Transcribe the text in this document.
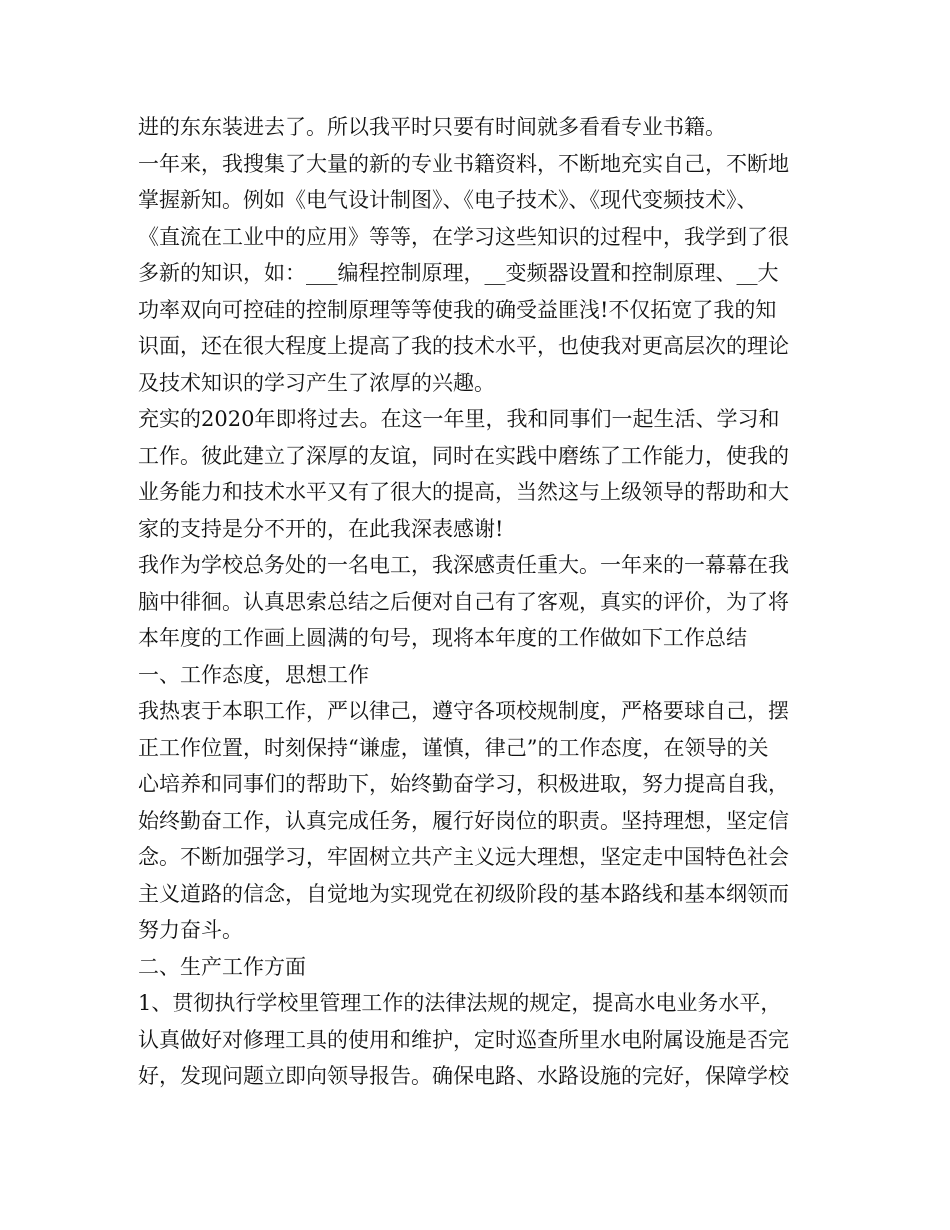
进的东东装进去了。所以我平时只要有时间就多看看专业书籍。
一年来，我搜集了大量的新的专业书籍资料，不断地充实自己，不断地
掌握新知。例如《电气设计制图》、《电子技术》、《现代变频技术》、
《直流在工业中的应用》等等，在学习这些知识的过程中，我学到了很
多新的知识，如：___编程控制原理，__变频器设置和控制原理、__大
功率双向可控硅的控制原理等等使我的确受益匪浅!不仅拓宽了我的知
识面，还在很大程度上提高了我的技术水平，也使我对更高层次的理论
及技术知识的学习产生了浓厚的兴趣。
充实的2020年即将过去。在这一年里，我和同事们一起生活、学习和
工作。彼此建立了深厚的友谊，同时在实践中磨练了工作能力，使我的
业务能力和技术水平又有了很大的提高，当然这与上级领导的帮助和大
家的支持是分不开的，在此我深表感谢!
我作为学校总务处的一名电工，我深感责任重大。一年来的一幕幕在我
脑中徘徊。认真思索总结之后便对自己有了客观，真实的评价，为了将
本年度的工作画上圆满的句号，现将本年度的工作做如下工作总结
一、工作态度，思想工作
我热衷于本职工作，严以律己，遵守各项校规制度，严格要球自己，摆
正工作位置，时刻保持“谦虚，谨慎，律己”的工作态度，在领导的关
心培养和同事们的帮助下，始终勤奋学习，积极进取，努力提高自我，
始终勤奋工作，认真完成任务，履行好岗位的职责。坚持理想，坚定信
念。不断加强学习，牢固树立共产主义远大理想，坚定走中国特色社会
主义道路的信念，自觉地为实现党在初级阶段的基本路线和基本纲领而
努力奋斗。
二、生产工作方面
1、贯彻执行学校里管理工作的法律法规的规定，提高水电业务水平，
认真做好对修理工具的使用和维护，定时巡查所里水电附属设施是否完
好，发现问题立即向领导报告。确保电路、水路设施的完好，保障学校
